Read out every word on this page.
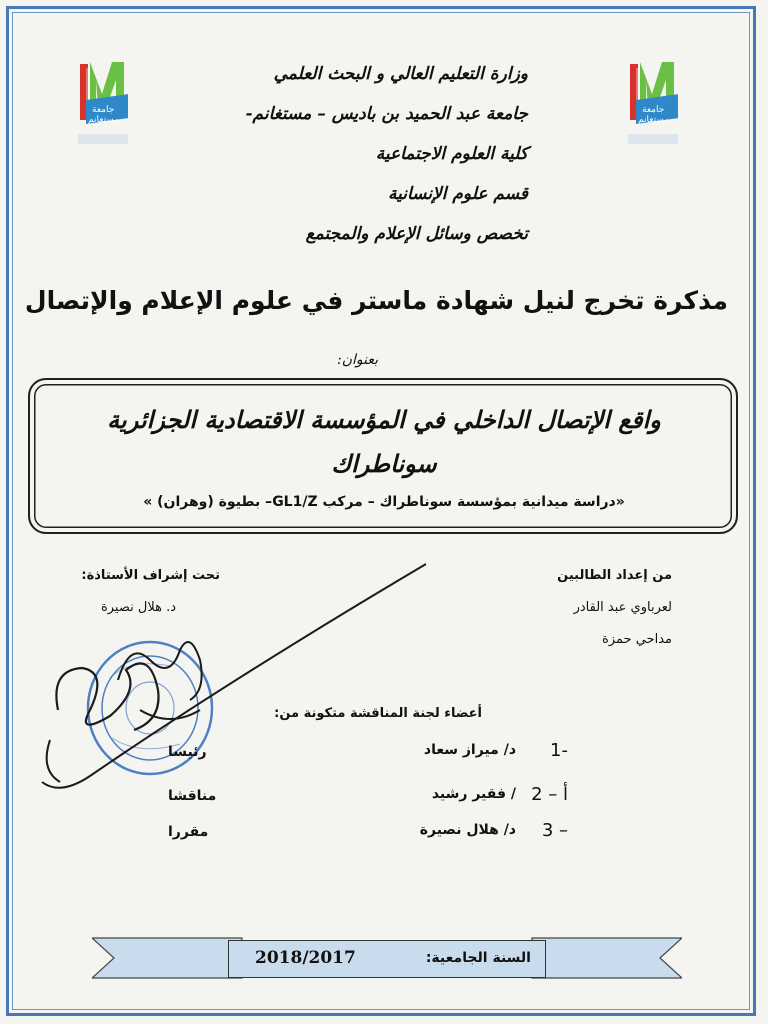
جامعة
مستغانم
جامعة
مستغانم
وزارة التعليم العالي و البحث العلمي
جامعة عبد الحميد بن باديس – مستغانم-
كلية العلوم الاجتماعية
قسم علوم الإنسانية
تخصص وسائل الإعلام والمجتمع
مذكرة تخرج لنيل شهادة ماستر في علوم الإعلام والإتصال
بعنوان:
واقع الإتصال الداخلي في المؤسسة الاقتصادية الجزائرية
سوناطراك
«دراسة ميدانية بمؤسسة سوناطراك – مركب GL1/Z– بطيوة (وهران) »
من إعداد الطالبين
لعرباوي عبد القادر
مداحي حمزة
تحت إشراف الأستاذة:
د. هلال نصيرة
أعضاء لجنة المناقشة متكونة من:
1-
د/ ميراز سعاد
رئيسا
2 – أ
/ فقير رشيد
مناقشا
3 –
د/ هلال نصيرة
مقررا
السنة الجامعية:
2018/2017
